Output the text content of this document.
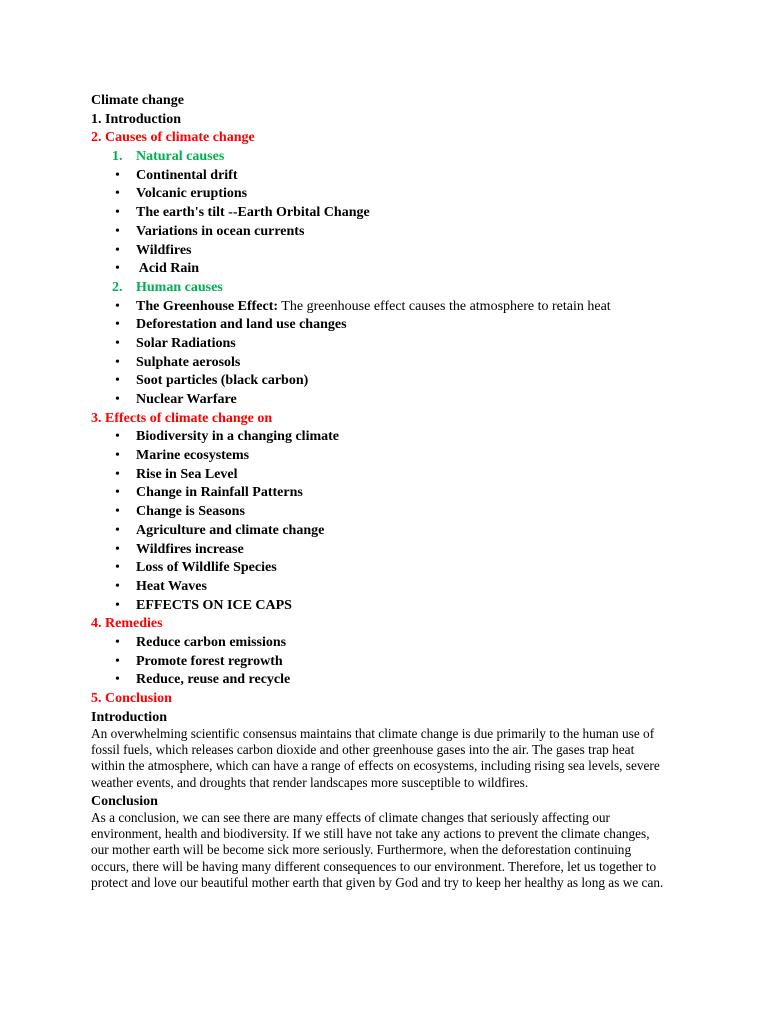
Climate change
1. Introduction
2. Causes of climate change
1. Natural causes
• Continental drift
• Volcanic eruptions
• The earth's tilt --Earth Orbital Change
• Variations in ocean currents
• Wildfires
• Acid Rain
2. Human causes
• The Greenhouse Effect: The greenhouse effect causes the atmosphere to retain heat
• Deforestation and land use changes
• Solar Radiations
• Sulphate aerosols
• Soot particles (black carbon)
• Nuclear Warfare
3. Effects of climate change on
• Biodiversity in a changing climate
• Marine ecosystems
• Rise in Sea Level
• Change in Rainfall Patterns
• Change is Seasons
• Agriculture and climate change
• Wildfires increase
• Loss of Wildlife Species
• Heat Waves
• EFFECTS ON ICE CAPS
4. Remedies
• Reduce carbon emissions
• Promote forest regrowth
• Reduce, reuse and recycle
5. Conclusion
Introduction

An overwhelming scientific consensus maintains that climate change is due primarily to the human use of

fossil fuels, which releases carbon dioxide and other greenhouse gases into the air. The gases trap heat

within the atmosphere, which can have a range of effects on ecosystems, including rising sea levels, severe

weather events, and droughts that render landscapes more susceptible to wildfires.

Conclusion

As a conclusion, we can see there are many effects of climate changes that seriously affecting our

environment, health and biodiversity. If we still have not take any actions to prevent the climate changes,

our mother earth will be become sick more seriously. Furthermore, when the deforestation continuing

occurs, there will be having many different consequences to our environment. Therefore, let us together to

protect and love our beautiful mother earth that given by God and try to keep her healthy as long as we can.
